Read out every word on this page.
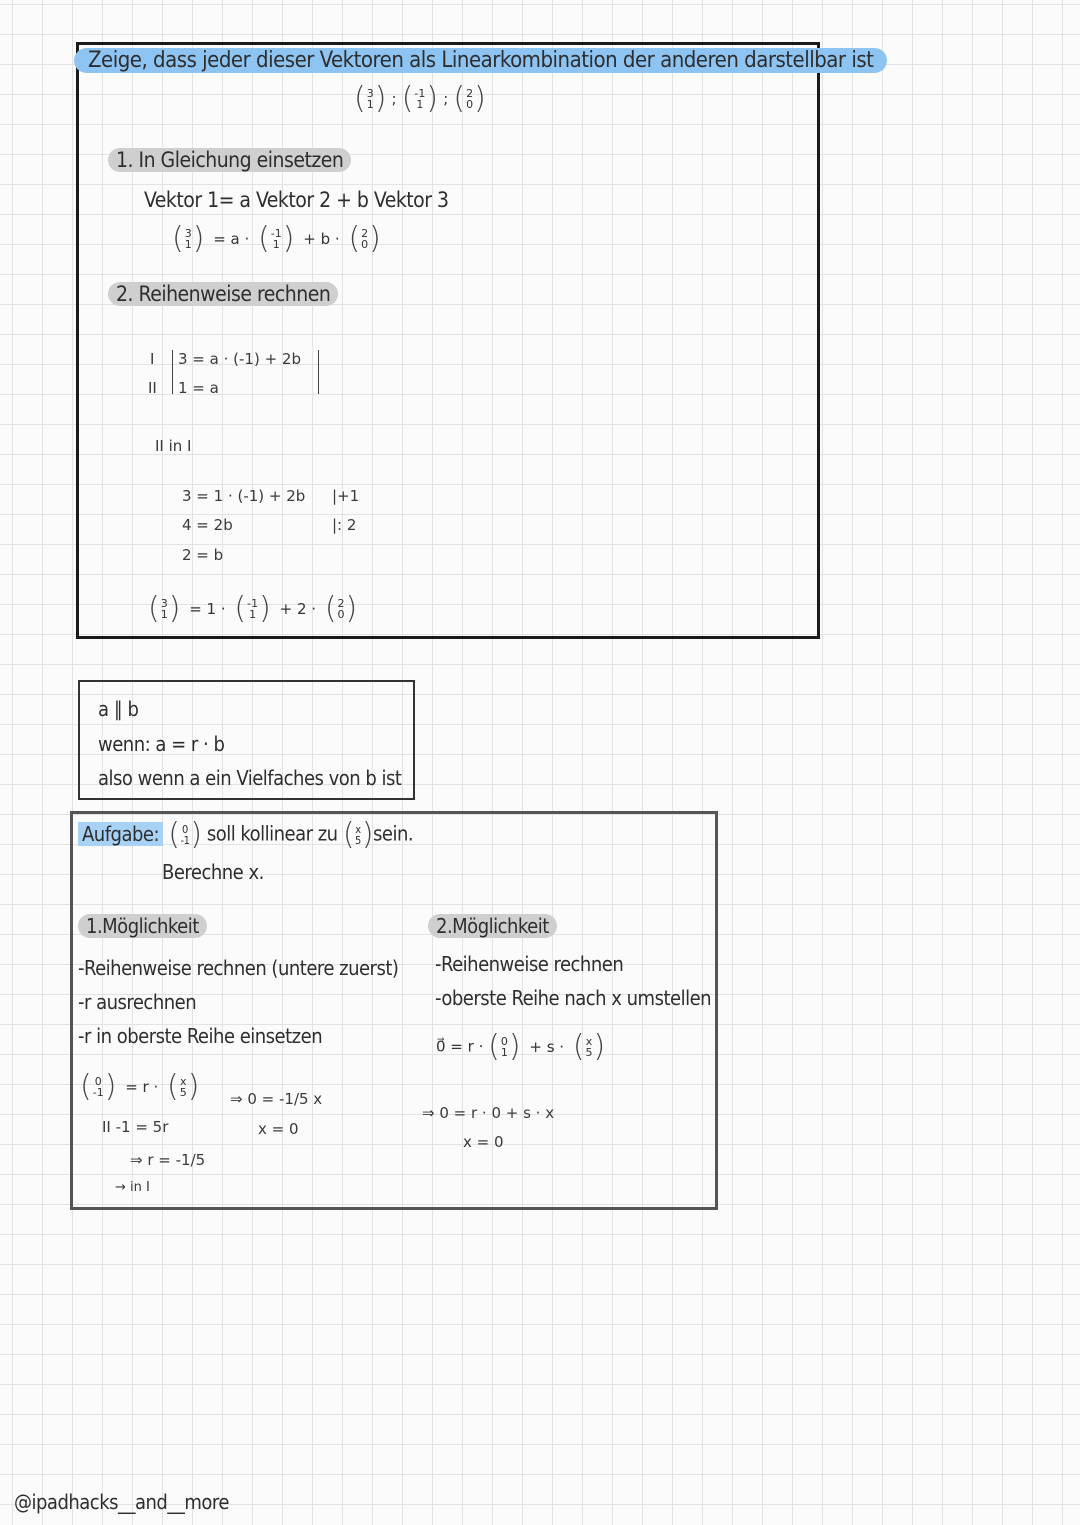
Zeige, dass jeder dieser Vektoren als Linearkombination der anderen darstellbar ist
( 3
1 ) ; ( -1
1 ) ; ( 2
0 )
1. In Gleichung einsetzen
Vektor 1= a Vektor 2 + b Vektor 3
( 3
1 ) = a · ( -1
1 ) + b · ( 2
0 )
2. Reihenweise rechnen
I
II
3 = a · (-1) + 2b
1 = a
II in I
3 = 1 · (-1) + 2b
4 = 2b
2 = b
|+1
|: 2
( 3
1 ) = 1 · ( -1
1 ) + 2 · ( 2
0 )
a ∥ b
wenn: a = r · b
also wenn a ein Vielfaches von b ist
Aufgabe: ( 0
-1 ) soll kollinear zu ( x
5 ) sein.
Berechne x.
1.Möglichkeit
-Reihenweise rechnen (untere zuerst)
-r ausrechnen
-r in oberste Reihe einsetzen
( 0
-1 ) = r · ( x
5 )
II -1 = 5r
⇒ r = -1/5
→ in I
⇒ 0 = -1/5 x
x = 0
2.Möglichkeit
-Reihenweise rechnen
-oberste Reihe nach x umstellen
0⃗ = r · ( 0
1 ) + s · ( x
5 )
⇒ 0 = r · 0 + s · x
x = 0
@ipadhacks__and__more
